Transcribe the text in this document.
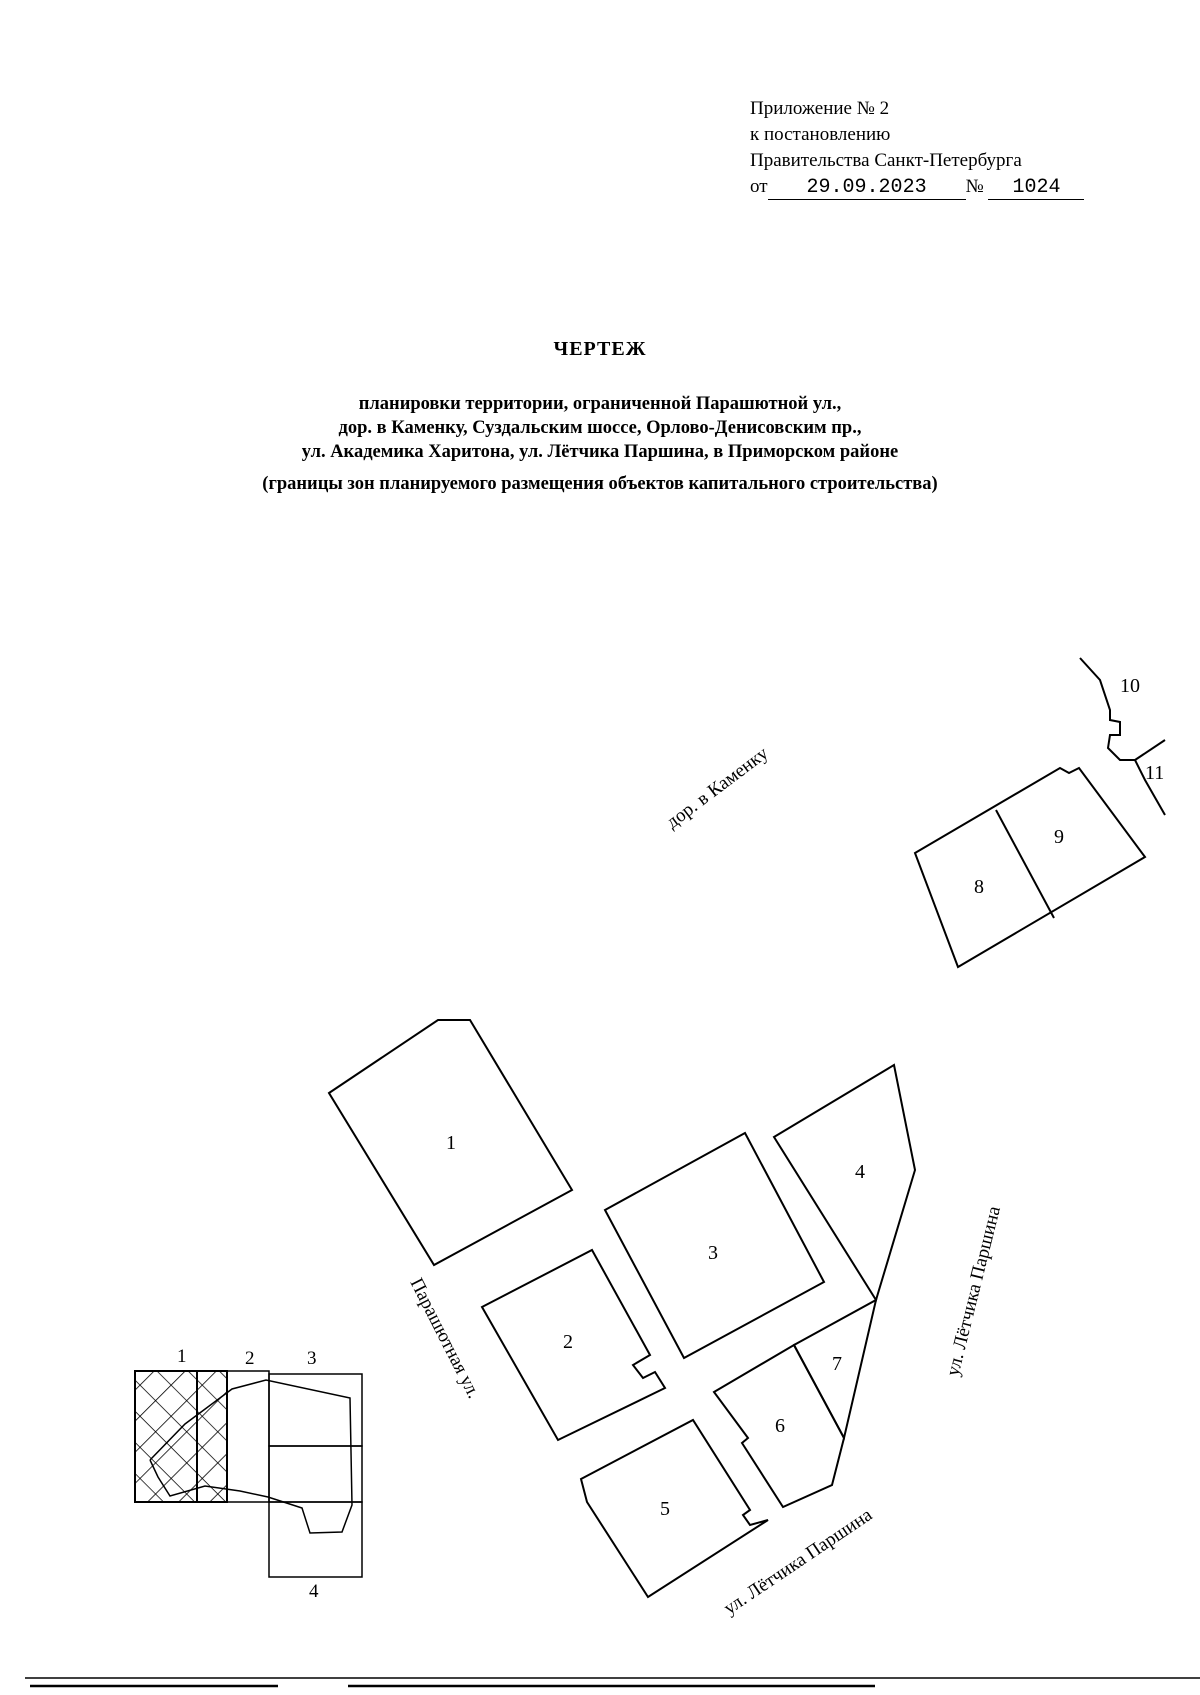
Приложение № 2
к постановлению
Правительства Санкт-Петербурга
от 29.09.2023 № 1024
ЧЕРТЕЖ
планировки территории, ограниченной Парашютной ул.,
дор. в Каменку, Суздальским шоссе, Орлово-Денисовским пр.,
ул. Академика Харитона, ул. Лётчика Паршина, в Приморском районе
(границы зон планируемого размещения объектов капитального строительства)
1
2
3
4
5
6
7
8
9
10
11
дор. в Каменку
Парашютная ул.	ул. Лётчика Паршина
ул. Лётчика Паршина
1	2	3
4
